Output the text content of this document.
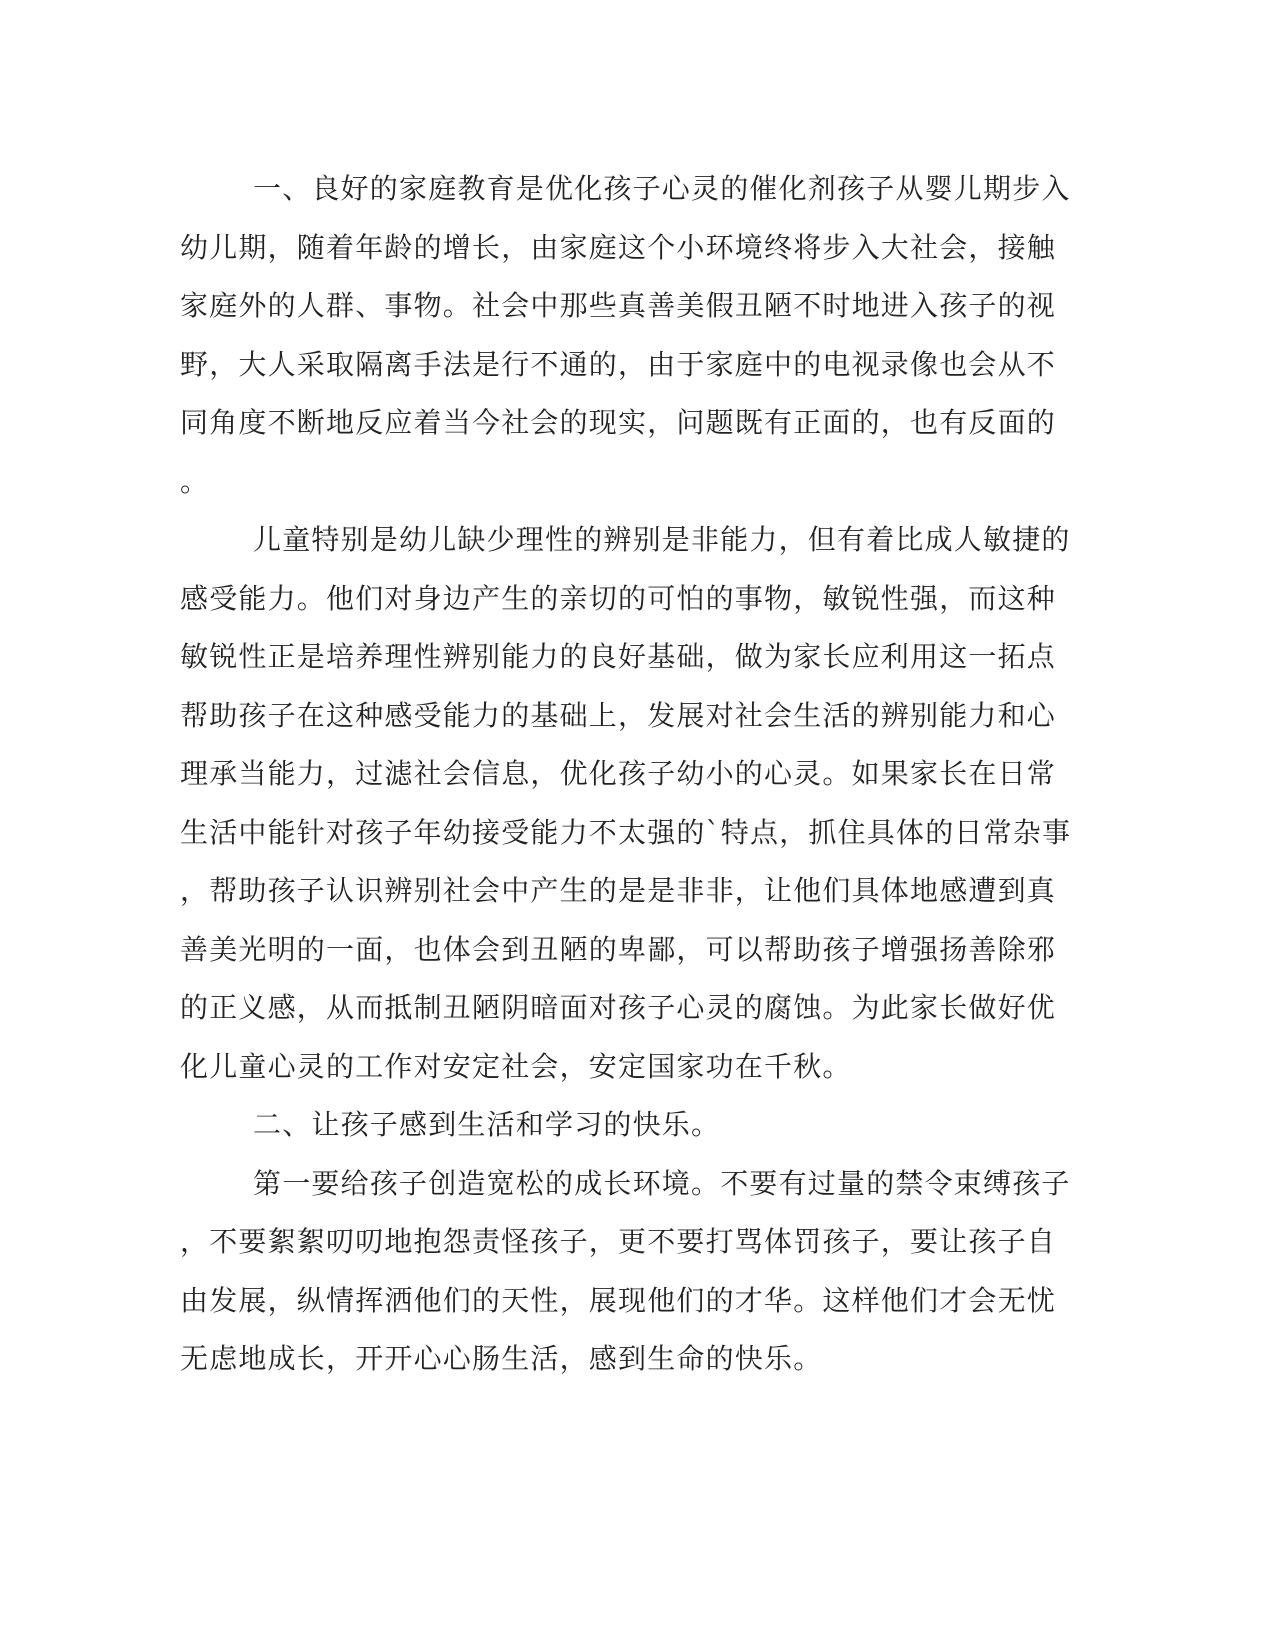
一、良好的家庭教育是优化孩子心灵的催化剂孩子从婴儿期步入
幼儿期，随着年龄的增长，由家庭这个小环境终将步入大社会，接触
家庭外的人群、事物。社会中那些真善美假丑陋不时地进入孩子的视
野，大人采取隔离手法是行不通的，由于家庭中的电视录像也会从不
同角度不断地反应着当今社会的现实，问题既有正面的，也有反面的
。
儿童特别是幼儿缺少理性的辨别是非能力，但有着比成人敏捷的
感受能力。他们对身边产生的亲切的可怕的事物，敏锐性强，而这种
敏锐性正是培养理性辨别能力的良好基础，做为家长应利用这一拓点
帮助孩子在这种感受能力的基础上，发展对社会生活的辨别能力和心
理承当能力，过滤社会信息，优化孩子幼小的心灵。如果家长在日常
生活中能针对孩子年幼接受能力不太强的`特点，抓住具体的日常杂事
，帮助孩子认识辨别社会中产生的是是非非，让他们具体地感遭到真
善美光明的一面，也体会到丑陋的卑鄙，可以帮助孩子增强扬善除邪
的正义感，从而抵制丑陋阴暗面对孩子心灵的腐蚀。为此家长做好优
化儿童心灵的工作对安定社会，安定国家功在千秋。
二、让孩子感到生活和学习的快乐。
第一要给孩子创造宽松的成长环境。不要有过量的禁令束缚孩子
，不要絮絮叨叨地抱怨责怪孩子，更不要打骂体罚孩子，要让孩子自
由发展，纵情挥洒他们的天性，展现他们的才华。这样他们才会无忧
无虑地成长，开开心心肠生活，感到生命的快乐。
